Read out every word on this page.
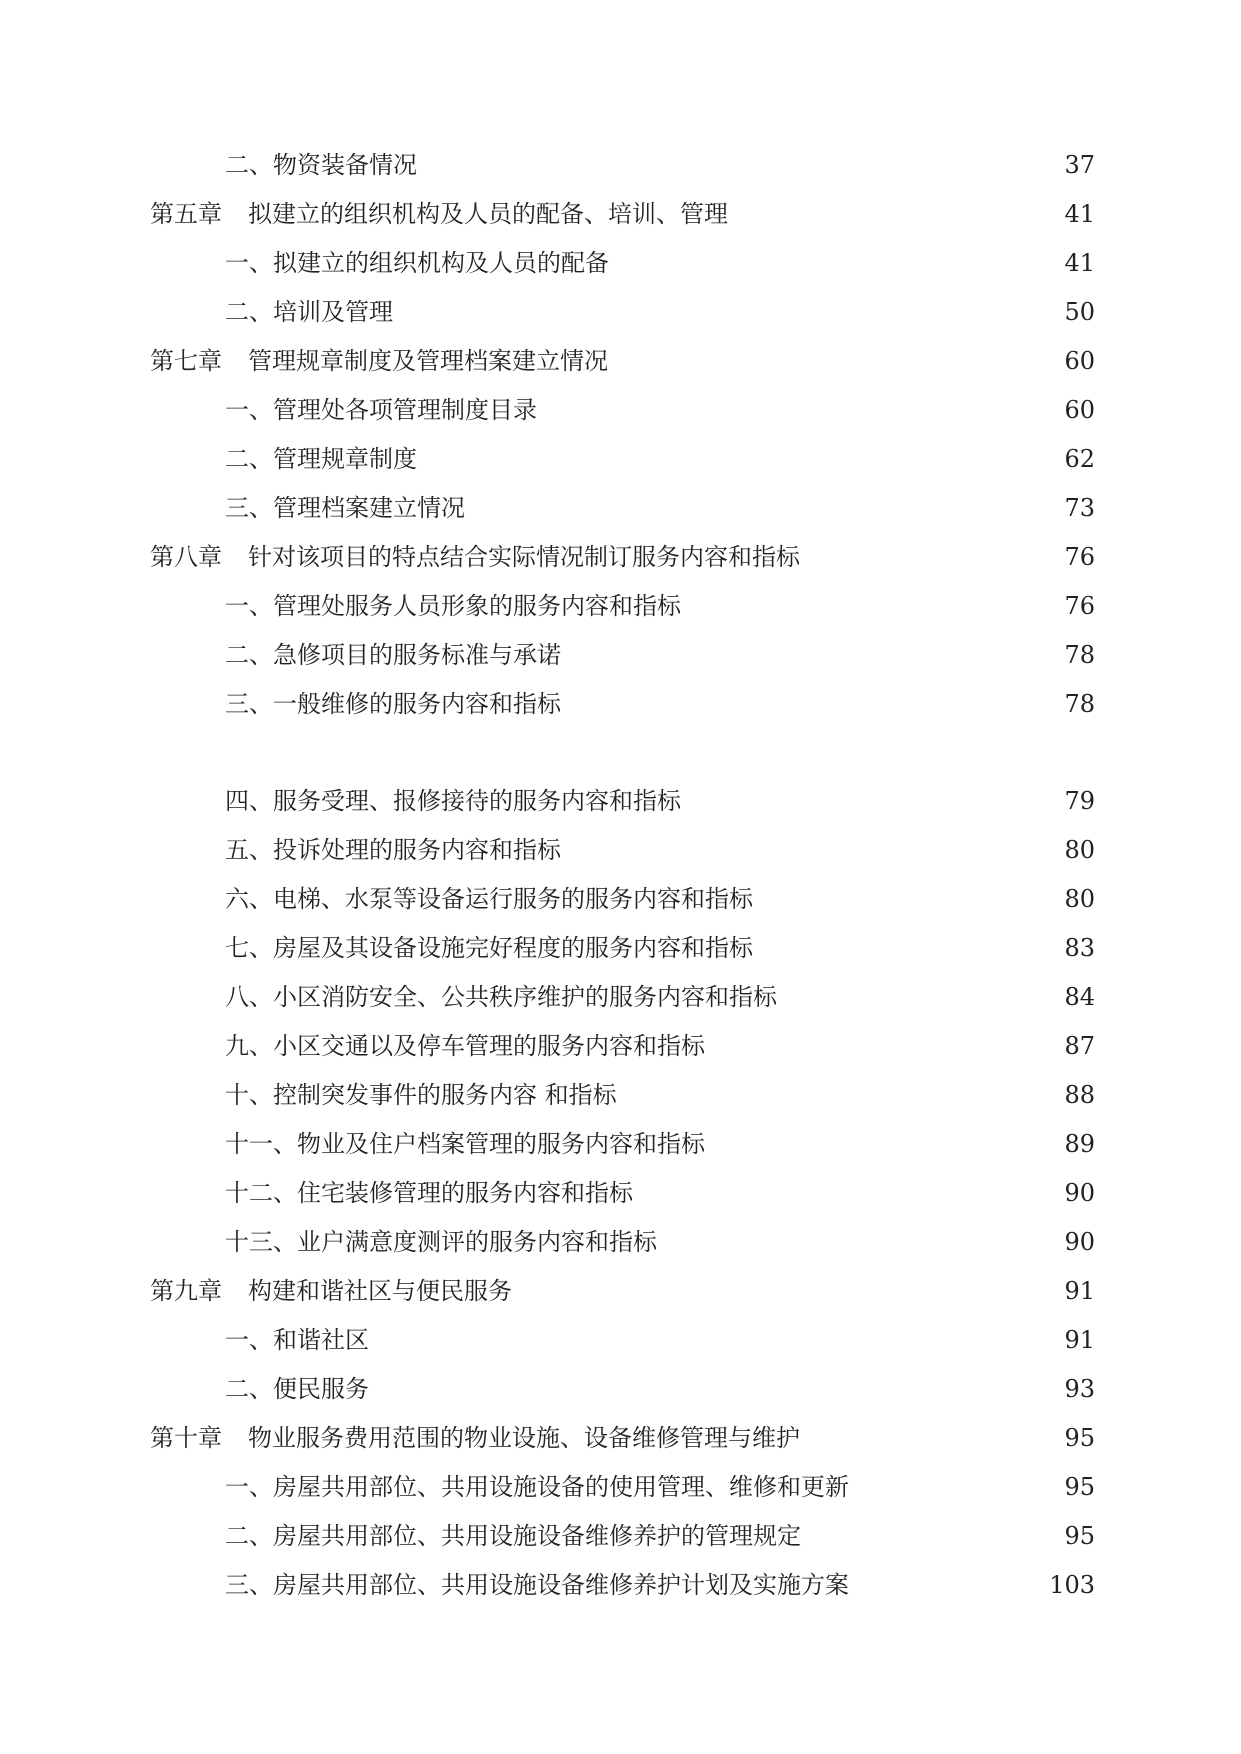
二、物资装备情况	37
第五章 拟建立的组织机构及人员的配备、培训、管理	41
一、拟建立的组织机构及人员的配备	41
二、培训及管理	50
第七章 管理规章制度及管理档案建立情况	60
一、管理处各项管理制度目录	60
二、管理规章制度	62
三、管理档案建立情况	73
第八章 针对该项目的特点结合实际情况制订服务内容和指标	76
一、管理处服务人员形象的服务内容和指标	76
二、急修项目的服务标准与承诺	78
三、一般维修的服务内容和指标	78
四、服务受理、报修接待的服务内容和指标	79
五、投诉处理的服务内容和指标	80
六、电梯、水泵等设备运行服务的服务内容和指标	80
七、房屋及其设备设施完好程度的服务内容和指标	83
八、小区消防安全、公共秩序维护的服务内容和指标	84
九、小区交通以及停车管理的服务内容和指标	87
十、控制突发事件的服务内容 和指标	88
十一、物业及住户档案管理的服务内容和指标	89
十二、住宅装修管理的服务内容和指标	90
十三、业户满意度测评的服务内容和指标	90
第九章 构建和谐社区与便民服务	91
一、和谐社区	91
二、便民服务	93
第十章 物业服务费用范围的物业设施、设备维修管理与维护	95
一、房屋共用部位、共用设施设备的使用管理、维修和更新	95
二、房屋共用部位、共用设施设备维修养护的管理规定	95
三、房屋共用部位、共用设施设备维修养护计划及实施方案	103
